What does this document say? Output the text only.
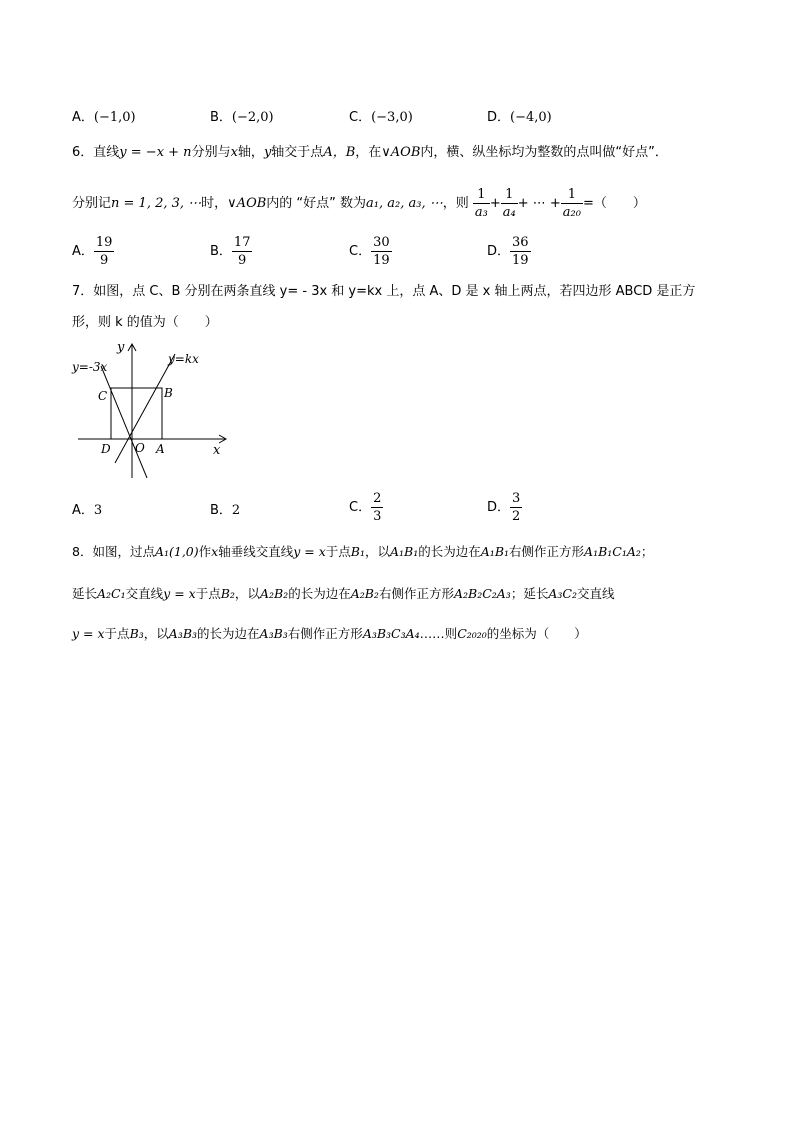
A．(−1,0)	B．(−2,0)	C．(−3,0)	D．(−4,0)
6．直线y = −x + n分别与x轴，y轴交于点A，B，在∨AOB内，横、纵坐标均为整数的点叫做“好点”．
分别记n = 1, 2, 3, ⋯时，∨AOB内的 “好点” 数为a₁, a₂, a₃, ⋯，则 $\frac{1}{\text{a₃}} + \frac{1}{\text{a₄}}$ + ⋯ + $\frac{1}{\text{a₂₀}}$ =（　　）
A． $\frac{19}{9}$	B． $\frac{17}{9}$	C． $\frac{30}{19}$	D． $\frac{36}{19}$
7．如图，点 C、B 分别在两条直线 y= - 3x 和 y=kx 上，点 A、D 是 x 轴上两点，若四边形 ABCD 是正方
形，则 k 的值为（　　）
y
x
y=-3x
y=kx
B
C
D O A
A．3	B．2	C． $\frac{2}{3}$	D． $\frac{3}{2}$
8．如图，过点A₁(1,0)作x轴垂线交直线y = x于点B₁，以A₁B₁的长为边在A₁B₁右侧作正方形A₁B₁C₁A₂；
延长A₂C₁交直线y = x于点B₂，以A₂B₂的长为边在A₂B₂右侧作正方形A₂B₂C₂A₃；延长A₃C₂交直线
y = x于点B₃，以A₃B₃的长为边在A₃B₃右侧作正方形A₃B₃C₃A₄……则C₂₀₂₀的坐标为（　　）
